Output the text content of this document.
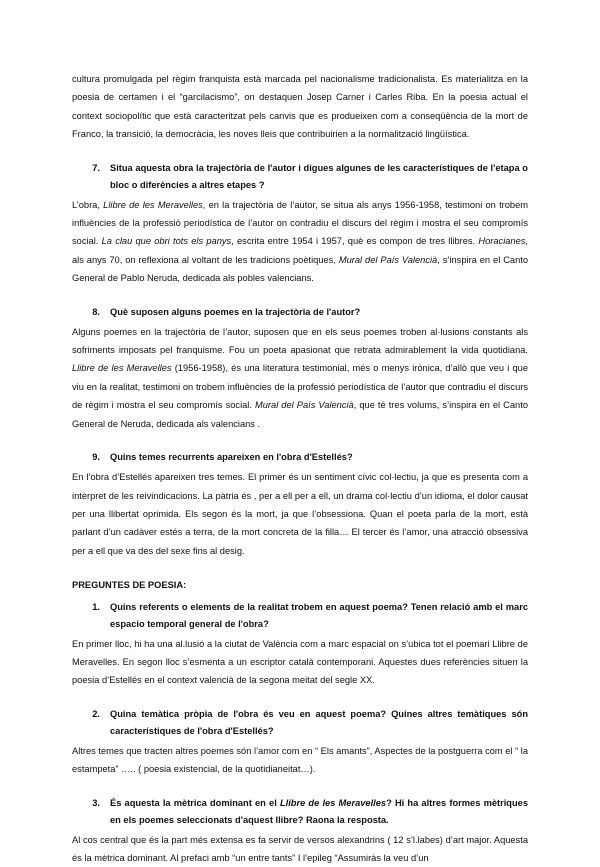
cultura promulgada pel règim franquista està marcada pel nacionalisme tradicionalista. Es materialitza en la poesia de certamen i el “garcilacismo”, on destaquen Josep Carner i Carles Riba. En la poesia actual el context sociopolític que està caracteritzat pels canvis que es produeixen com a conseqüència de la mort de Franco, la transició, la democràcia, les noves lleis que contribuirien a la normalització lingüística.

7.	Situa aquesta obra la trajectòria de l'autor i digues algunes de les característiques de l'etapa o bloc o diferències a altres etapes ?

L’obra, Llibre de les Meravelles, en la trajectòria de l’autor, se situa als anys 1956-1958, testimoni on trobem influències de la professió periodística de l’autor on contradiu el discurs del règim i mostra el seu compromís social. La clau que obri tots els panys, escrita entre 1954 i 1957, què es compon de tres llibres. Horacianes, als anys 70, on reflexiona al voltant de les tradicions poètiques, Mural del País Valencià, s’inspira en el Canto General de Pablo Neruda, dedicada als pobles valencians.

8.	Què suposen alguns poemes en la trajectòria de l'autor?

Alguns poemes en la trajectòria de l’autor, suposen que en els seus poemes troben al·lusions constants als sofriments imposats pel franquisme. Fou un poeta apasionat que retrata admirablement la vida quotidiana. Llibre de les Meravelles (1956-1958), és una literatura testimonial, més o menys irònica, d’allò que veu i que viu en la realitat, testimoni on trobem influències de la professió periodística de l’autor que contradiu el discurs de règim i mostra el seu compromís social. Mural del País Valencià, que té tres volums, s’inspira en el Canto General de Neruda, dedicada als valencians .

9.	Quins temes recurrents apareixen en l'obra d'Estellés?

En l’obra d’Estellés apareixen tres temes. El primer és un sentiment cívic col·lectiu, ja que es presenta com a intèrpret de les reivindicacions. La pàtria és , per a ell per a ell, un drama col·lectiu d’un idioma, el dolor causat per una llibertat oprimida. Els segon és la mort, ja que l’obsessiona. Quan el poeta parla de la mort, està parlant d’un cadàver estés a terra, de la mort concreta de la filla… El tercer és l’amor, una atracció obsessiva per a ell que va des del sexe fins al desig.

PREGUNTES DE POESIA:

1.	Quins referents o elements de la realitat trobem en aquest poema? Tenen relació amb el marc espacio temporal general de l'obra?

En primer lloc, hi ha una al.lusió a la ciutat de València com a marc espacial on s’ubica tot el poemari Llibre de Meravelles. En segon lloc s’esmenta a un escriptor català contemporani. Aquestes dues referències situen la poesia d’Estellés en el context valencià de la segona meitat del segle XX.

2.	Quina temàtica pròpia de l'obra és veu en aquest poema? Quines altres temàtiques són característiques de l'obra d'Estellés?

Altres temes que tracten altres poemes són l’amor com en “ Els amants”, Aspectes de la postguerra com el “ la estampeta” ….. ( poesia existencial, de la quotidianeitat…).

3.	És aquesta la mètrica dominant en el Llibre de les Meravelles? Hi ha altres formes mètriques en els poemes seleccionats d'aquest llibre? Raona la resposta.

Al cos central que és la part més extensa es fa servir de versos alexandrins ( 12 s’l.labes) d’art major. Aquesta és la mètrica dominant. Al prefaci amb “un entre tants” I l’epileg “Assumiràs la veu d’un
